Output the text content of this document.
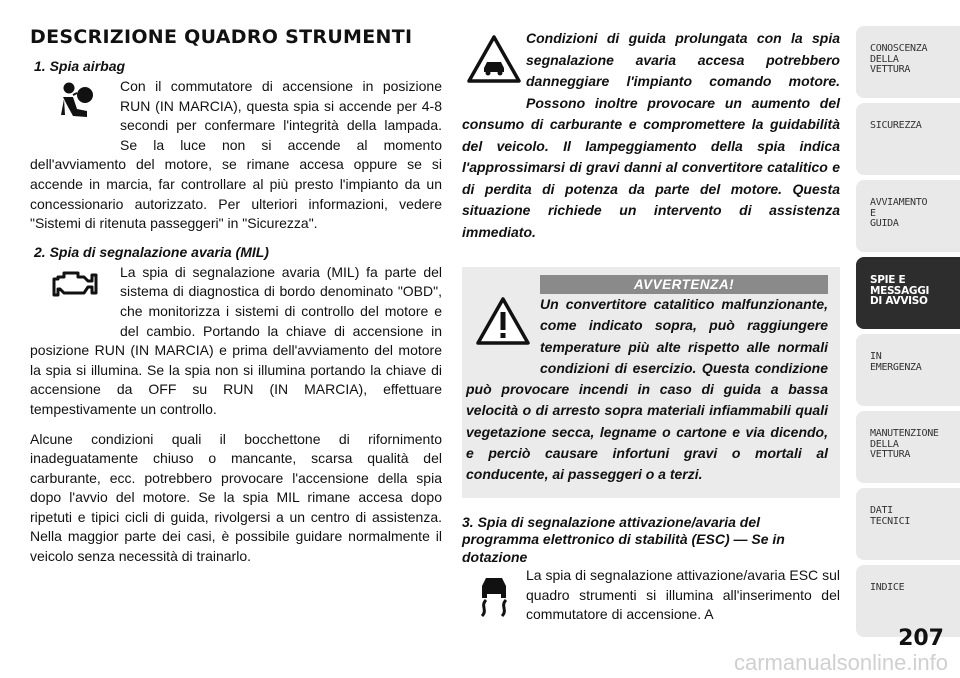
DESCRIZIONE QUADRO STRUMENTI
1. Spia airbag

Con il commutatore di accensione in posizione RUN (IN MARCIA), questa spia si accende per 4-8 secondi per confermare l'integrità della lampada. Se la luce non si accende al momento dell'avviamento del motore, se rimane accesa oppure se si accende in marcia, far controllare al più presto l'impianto da un concessionario autorizzato. Per ulteriori informazioni, vedere "Sistemi di ritenuta passeggeri" in "Sicurezza".

2. Spia di segnalazione avaria (MIL)

La spia di segnalazione avaria (MIL) fa parte del sistema di diagnostica di bordo denominato "OBD", che monitorizza i sistemi di controllo del motore e del cambio. Portando la chiave di accensione in posizione RUN (IN MARCIA) e prima dell'avviamento del motore la spia si illumina. Se la spia non si illumina portando la chiave di accensione da OFF su RUN (IN MARCIA), effettuare tempestivamente un controllo.

Alcune condizioni quali il bocchettone di rifornimento inadeguatamente chiuso o mancante, scarsa qualità del carburante, ecc. potrebbero provocare l'accensione della spia dopo l'avvio del motore. Se la spia MIL rimane accesa dopo ripetuti e tipici cicli di guida, rivolgersi a un centro di assistenza. Nella maggior parte dei casi, è possibile guidare normalmente il veicolo senza necessità di trainarlo.

Condizioni di guida prolungata con la spia segnalazione avaria accesa potrebbero danneggiare l'impianto comando motore. Possono inoltre provocare un aumento del consumo di carburante e compromettere la guidabilità del veicolo. Il lampeggiamento della spia indica l'approssimarsi di gravi danni al convertitore catalitico e di perdita di potenza da parte del motore. Questa situazione richiede un intervento di assistenza immediato.

AVVERTENZA!

Un convertitore catalitico malfunzionante, come indicato sopra, può raggiungere temperature più alte rispetto alle normali condizioni di esercizio. Questa condizione può provocare incendi in caso di guida a bassa velocità o di arresto sopra materiali infiammabili quali vegetazione secca, legname o cartone e via dicendo, e perciò causare infortuni gravi o mortali al conducente, ai passeggeri o a terzi.

3. Spia di segnalazione attivazione/avaria del programma elettronico di stabilità (ESC) — Se in dotazione

La spia di segnalazione attivazione/avaria ESC sul quadro strumenti si illumina all'inserimento del commutatore di accensione. A

CONOSCENZA
DELLA
VETTURA
SICUREZZA
AVVIAMENTO
E
GUIDA
SPIE E
MESSAGGI
DI AVVISO
IN
EMERGENZA
MANUTENZIONE
DELLA
VETTURA
DATI
TECNICI
INDICE
207
carmanualsonline.info
